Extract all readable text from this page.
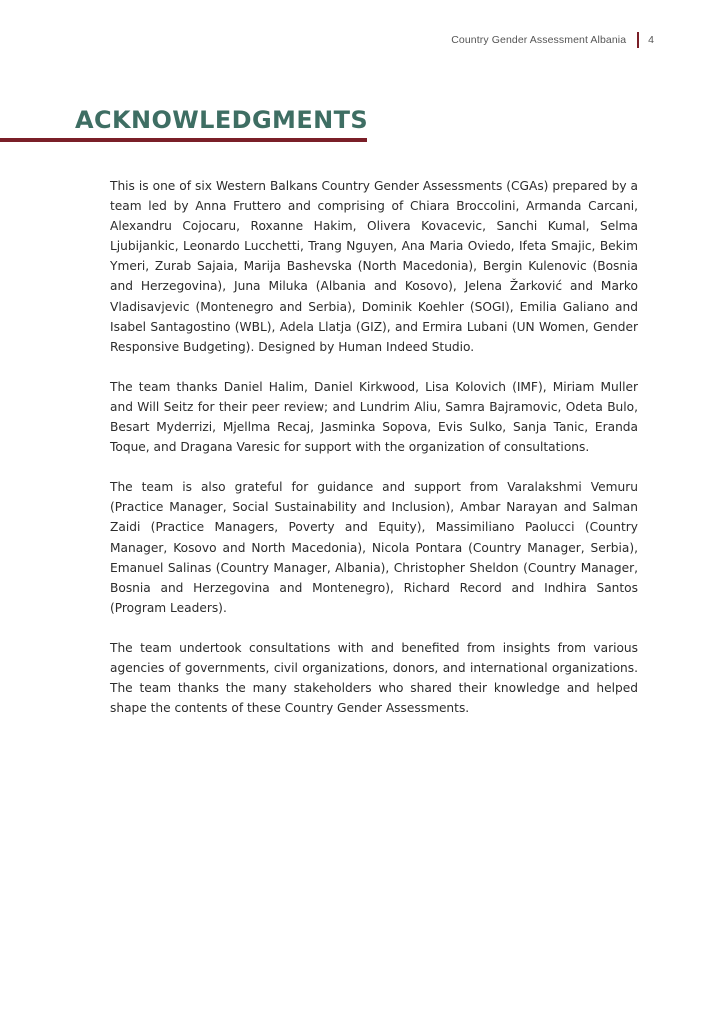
Country Gender Assessment Albania 4
ACKNOWLEDGMENTS

This is one of six Western Balkans Country Gender Assessments (CGAs) prepared by a team led by Anna Fruttero and comprising of Chiara Broccolini, Armanda Carcani, Alexandru Cojocaru, Roxanne Hakim, Olivera Kovacevic, Sanchi Kumal, Selma Ljubijankic, Leonardo Lucchetti, Trang Nguyen, Ana Maria Oviedo, Ifeta Smajic, Bekim Ymeri, Zurab Sajaia, Marija Bashevska (North Macedonia), Bergin Kulenovic (Bosnia and Herzegovina), Juna Miluka (Albania and Kosovo), Jelena Žarković and Marko Vladisavjevic (Montenegro and Serbia), Dominik Koehler (SOGI), Emilia Galiano and Isabel Santagostino (WBL), Adela Llatja (GIZ), and Ermira Lubani (UN Women, Gender Responsive Budgeting). Designed by Human Indeed Studio.

The team thanks Daniel Halim, Daniel Kirkwood, Lisa Kolovich (IMF), Miriam Muller and Will Seitz for their peer review; and Lundrim Aliu, Samra Bajramovic, Odeta Bulo, Besart Myderrizi, Mjellma Recaj, Jasminka Sopova, Evis Sulko, Sanja Tanic, Eranda Toque, and Dragana Varesic for support with the organization of consultations.

The team is also grateful for guidance and support from Varalakshmi Vemuru (Practice Manager, Social Sustainability and Inclusion), Ambar Narayan and Salman Zaidi (Practice Managers, Poverty and Equity), Massimiliano Paolucci (Country Manager, Kosovo and North Macedonia), Nicola Pontara (Country Manager, Serbia), Emanuel Salinas (Country Manager, Albania), Christopher Sheldon (Country Manager, Bosnia and Herzegovina and Montenegro), Richard Record and Indhira Santos (Program Leaders).

The team undertook consultations with and benefited from insights from various agencies of governments, civil organizations, donors, and international organizations. The team thanks the many stakeholders who shared their knowledge and helped shape the contents of these Country Gender Assessments.
